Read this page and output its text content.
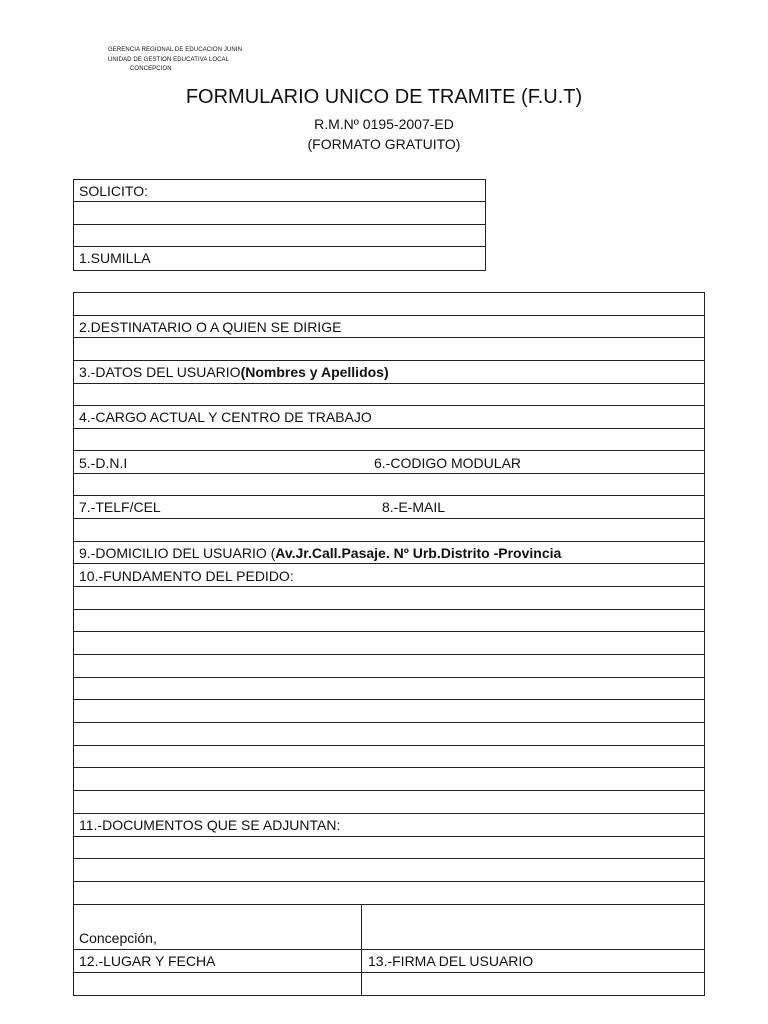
GERENCIA REGIONAL DE EDUCACION JUNIN
UNIDAD DE GESTION EDUCATIVA LOCAL
CONCEPCION
FORMULARIO UNICO DE TRAMITE (F.U.T)
R.M.Nº 0195-2007-ED
(FORMATO GRATUITO)
SOLICITO:
1.SUMILLA
2.DESTINATARIO O A QUIEN SE DIRIGE
3.-DATOS DEL USUARIO(Nombres y Apellidos)
4.-CARGO ACTUAL Y CENTRO DE TRABAJO
5.-D.N.I	6.-CODIGO MODULAR
7.-TELF/CEL	8.-E-MAIL
9.-DOMICILIO DEL USUARIO (Av.Jr.Call.Pasaje. Nº Urb.Distrito -Provincia
10.-FUNDAMENTO DEL PEDIDO:
11.-DOCUMENTOS QUE SE ADJUNTAN:
Concepción,
12.-LUGAR Y FECHA	13.-FIRMA DEL USUARIO
